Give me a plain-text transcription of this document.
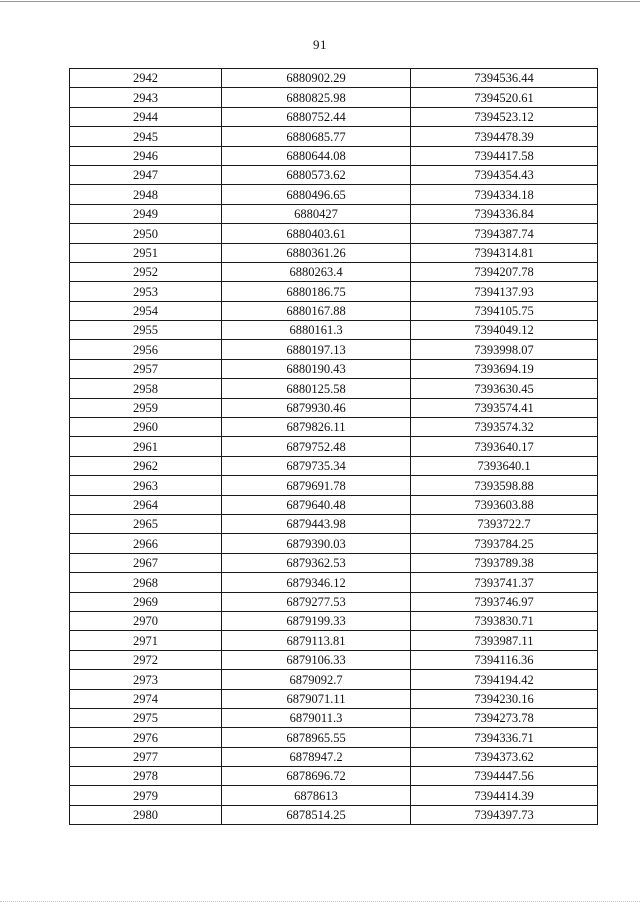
91
2942	6880902.29	7394536.44
2943	6880825.98	7394520.61
2944	6880752.44	7394523.12
2945	6880685.77	7394478.39
2946	6880644.08	7394417.58
2947	6880573.62	7394354.43
2948	6880496.65	7394334.18
2949	6880427	7394336.84
2950	6880403.61	7394387.74
2951	6880361.26	7394314.81
2952	6880263.4	7394207.78
2953	6880186.75	7394137.93
2954	6880167.88	7394105.75
2955	6880161.3	7394049.12
2956	6880197.13	7393998.07
2957	6880190.43	7393694.19
2958	6880125.58	7393630.45
2959	6879930.46	7393574.41
2960	6879826.11	7393574.32
2961	6879752.48	7393640.17
2962	6879735.34	7393640.1
2963	6879691.78	7393598.88
2964	6879640.48	7393603.88
2965	6879443.98	7393722.7
2966	6879390.03	7393784.25
2967	6879362.53	7393789.38
2968	6879346.12	7393741.37
2969	6879277.53	7393746.97
2970	6879199.33	7393830.71
2971	6879113.81	7393987.11
2972	6879106.33	7394116.36
2973	6879092.7	7394194.42
2974	6879071.11	7394230.16
2975	6879011.3	7394273.78
2976	6878965.55	7394336.71
2977	6878947.2	7394373.62
2978	6878696.72	7394447.56
2979	6878613	7394414.39
2980	6878514.25	7394397.73
